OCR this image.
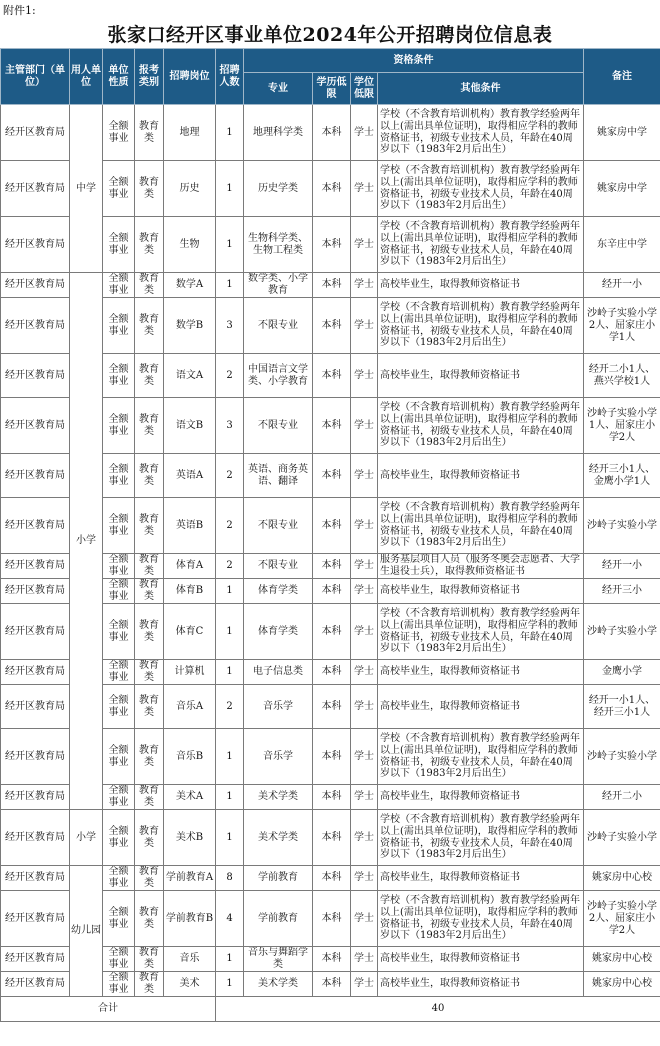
附件1:
张家口经开区事业单位2024年公开招聘岗位信息表
主管部门（单位）	用人单位	单位性质	报考类别	招聘岗位	招聘人数	资格条件				备注
						专业	学历低限	学位低限	其他条件	
经开区教育局	中学	全额事业	教育类	地理	1	地理科学类	本科	学士	学校（不含教育培训机构）教育教学经验两年以上(需出具单位证明)，取得相应学科的教师资格证书，初级专业技术人员，年龄在40周岁以下（1983年2月后出生）	姚家房中学
经开区教育局		全额事业	教育类	历史	1	历史学类	本科	学士	学校（不含教育培训机构）教育教学经验两年以上(需出具单位证明)，取得相应学科的教师资格证书，初级专业技术人员，年龄在40周岁以下（1983年2月后出生）	姚家房中学
经开区教育局		全额事业	教育类	生物	1	生物科学类、生物工程类	本科	学士	学校（不含教育培训机构）教育教学经验两年以上(需出具单位证明)，取得相应学科的教师资格证书，初级专业技术人员，年龄在40周岁以下（1983年2月后出生）	东辛庄中学
经开区教育局	小学	全额事业	教育类	数学A	1	数学类、小学教育	本科	学士	高校毕业生，取得教师资格证书	经开一小
经开区教育局		全额事业	教育类	数学B	3	不限专业	本科	学士	学校（不含教育培训机构）教育教学经验两年以上(需出具单位证明)，取得相应学科的教师资格证书，初级专业技术人员，年龄在40周岁以下（1983年2月后出生）	沙岭子实验小学2人、屈家庄小学1人
经开区教育局		全额事业	教育类	语文A	2	中国语言文学类、小学教育	本科	学士	高校毕业生，取得教师资格证书	经开二小1人、燕兴学校1人
经开区教育局		全额事业	教育类	语文B	3	不限专业	本科	学士	学校（不含教育培训机构）教育教学经验两年以上(需出具单位证明)，取得相应学科的教师资格证书，初级专业技术人员，年龄在40周岁以下（1983年2月后出生）	沙岭子实验小学1人、屈家庄小学2人
经开区教育局		全额事业	教育类	英语A	2	英语、商务英语、翻译	本科	学士	高校毕业生，取得教师资格证书	经开三小1人、金鹰小学1人
经开区教育局		全额事业	教育类	英语B	2	不限专业	本科	学士	学校（不含教育培训机构）教育教学经验两年以上(需出具单位证明)，取得相应学科的教师资格证书，初级专业技术人员，年龄在40周岁以下（1983年2月后出生）	沙岭子实验小学
经开区教育局		全额事业	教育类	体育A	2	不限专业	本科	学士	服务基层项目人员（服务冬奥会志愿者、大学生退役士兵），取得教师资格证书	经开一小
经开区教育局		全额事业	教育类	体育B	1	体育学类	本科	学士	高校毕业生，取得教师资格证书	经开三小
经开区教育局		全额事业	教育类	体育C	1	体育学类	本科	学士	学校（不含教育培训机构）教育教学经验两年以上(需出具单位证明)，取得相应学科的教师资格证书，初级专业技术人员，年龄在40周岁以下（1983年2月后出生）	沙岭子实验小学
经开区教育局		全额事业	教育类	计算机	1	电子信息类	本科	学士	高校毕业生，取得教师资格证书	金鹰小学
经开区教育局		全额事业	教育类	音乐A	2	音乐学	本科	学士	高校毕业生，取得教师资格证书	经开一小1人、经开三小1人
经开区教育局		全额事业	教育类	音乐B	1	音乐学	本科	学士	学校（不含教育培训机构）教育教学经验两年以上(需出具单位证明)，取得相应学科的教师资格证书，初级专业技术人员，年龄在40周岁以下（1983年2月后出生）	沙岭子实验小学
经开区教育局		全额事业	教育类	美术A	1	美术学类	本科	学士	高校毕业生，取得教师资格证书	经开二小
经开区教育局	小学	全额事业	教育类	美术B	1	美术学类	本科	学士	学校（不含教育培训机构）教育教学经验两年以上(需出具单位证明)，取得相应学科的教师资格证书，初级专业技术人员，年龄在40周岁以下（1983年2月后出生）	沙岭子实验小学
经开区教育局	幼儿园	全额事业	教育类	学前教育A	8	学前教育	本科	学士	高校毕业生，取得教师资格证书	姚家房中心校
经开区教育局		全额事业	教育类	学前教育B	4	学前教育	本科	学士	学校（不含教育培训机构）教育教学经验两年以上(需出具单位证明)，取得相应学科的教师资格证书，初级专业技术人员，年龄在40周岁以下（1983年2月后出生）	沙岭子实验小学2人、屈家庄小学2人
经开区教育局		全额事业	教育类	音乐	1	音乐与舞蹈学类	本科	学士	高校毕业生，取得教师资格证书	姚家房中心校
经开区教育局		全额事业	教育类	美术	1	美术学类	本科	学士	高校毕业生，取得教师资格证书	姚家房中心校
合计					40					
